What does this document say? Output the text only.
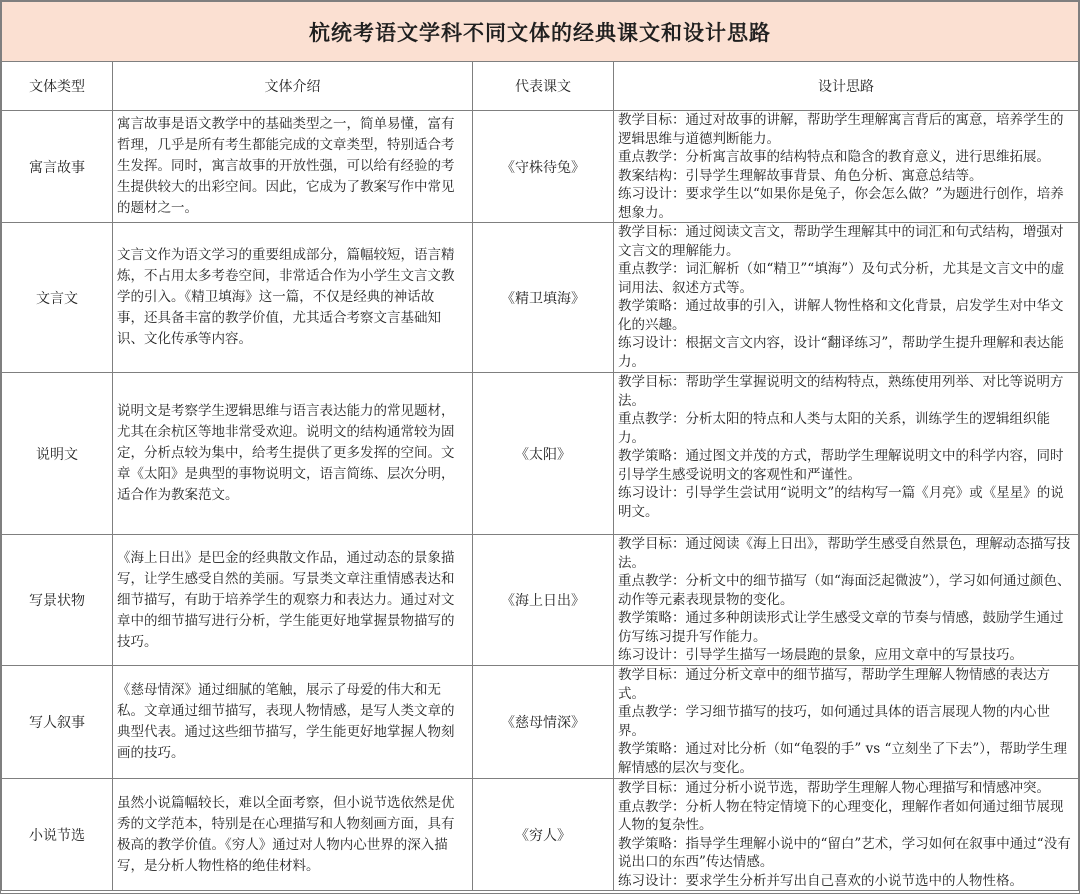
杭统考语文学科不同文体的经典课文和设计思路			
文体类型	文体介绍	代表课文	设计思路
寓言故事	寓言故事是语文教学中的基础类型之一，简单易懂，富有哲理，几乎是所有考生都能完成的文章类型，特别适合考生发挥。同时，寓言故事的开放性强，可以给有经验的考生提供较大的出彩空间。因此，它成为了教案写作中常见的题材之一。	《守株待兔》	教学目标：通过对故事的讲解，帮助学生理解寓言背后的寓意，培养学生的逻辑思维与道德判断能力。
重点教学：分析寓言故事的结构特点和隐含的教育意义，进行思维拓展。
教案结构：引导学生理解故事背景、角色分析、寓意总结等。
练习设计：要求学生以“如果你是兔子，你会怎么做？”为题进行创作，培养想象力。

文言文	文言文作为语文学习的重要组成部分，篇幅较短，语言精炼，不占用太多考卷空间，非常适合作为小学生文言文教学的引入。《精卫填海》这一篇，不仅是经典的神话故事，还具备丰富的教学价值，尤其适合考察文言基础知识、文化传承等内容。	《精卫填海》	教学目标：通过阅读文言文，帮助学生理解其中的词汇和句式结构，增强对文言文的理解能力。
重点教学：词汇解析（如“精卫”“填海”）及句式分析，尤其是文言文中的虚词用法、叙述方式等。
教学策略：通过故事的引入，讲解人物性格和文化背景，启发学生对中华文化的兴趣。
练习设计：根据文言文内容，设计“翻译练习”，帮助学生提升理解和表达能力。

说明文	说明文是考察学生逻辑思维与语言表达能力的常见题材，尤其在余杭区等地非常受欢迎。说明文的结构通常较为固定，分析点较为集中，给考生提供了更多发挥的空间。文章《太阳》是典型的事物说明文，语言简练、层次分明，适合作为教案范文。	《太阳》	教学目标：帮助学生掌握说明文的结构特点，熟练使用列举、对比等说明方法。
重点教学：分析太阳的特点和人类与太阳的关系，训练学生的逻辑组织能力。
教学策略：通过图文并茂的方式，帮助学生理解说明文中的科学内容，同时引导学生感受说明文的客观性和严谨性。
练习设计：引导学生尝试用“说明文”的结构写一篇《月亮》或《星星》的说明文。

写景状物	《海上日出》是巴金的经典散文作品，通过动态的景象描写，让学生感受自然的美丽。写景类文章注重情感表达和细节描写，有助于培养学生的观察力和表达力。通过对文章中的细节描写进行分析，学生能更好地掌握景物描写的技巧。	《海上日出》	教学目标：通过阅读《海上日出》，帮助学生感受自然景色，理解动态描写技法。
重点教学：分析文中的细节描写（如“海面泛起微波”），学习如何通过颜色、动作等元素表现景物的变化。
教学策略：通过多种朗读形式让学生感受文章的节奏与情感，鼓励学生通过仿写练习提升写作能力。
练习设计：引导学生描写一场晨跑的景象，应用文章中的写景技巧。

写人叙事	《慈母情深》通过细腻的笔触，展示了母爱的伟大和无私。文章通过细节描写，表现人物情感，是写人类文章的典型代表。通过这些细节描写，学生能更好地掌握人物刻画的技巧。	《慈母情深》	教学目标：通过分析文章中的细节描写，帮助学生理解人物情感的表达方式。
重点教学：学习细节描写的技巧，如何通过具体的语言展现人物的内心世界。
教学策略：通过对比分析（如“龟裂的手” vs “立刻坐了下去”），帮助学生理解情感的层次与变化。

小说节选	虽然小说篇幅较长，难以全面考察，但小说节选依然是优秀的文学范本，特别是在心理描写和人物刻画方面，具有极高的教学价值。《穷人》通过对人物内心世界的深入描写，是分析人物性格的绝佳材料。	《穷人》	教学目标：通过分析小说节选，帮助学生理解人物心理描写和情感冲突。
重点教学：分析人物在特定情境下的心理变化，理解作者如何通过细节展现人物的复杂性。
教学策略：指导学生理解小说中的“留白”艺术，学习如何在叙事中通过“没有说出口的东西”传达情感。
练习设计：要求学生分析并写出自己喜欢的小说节选中的人物性格。
